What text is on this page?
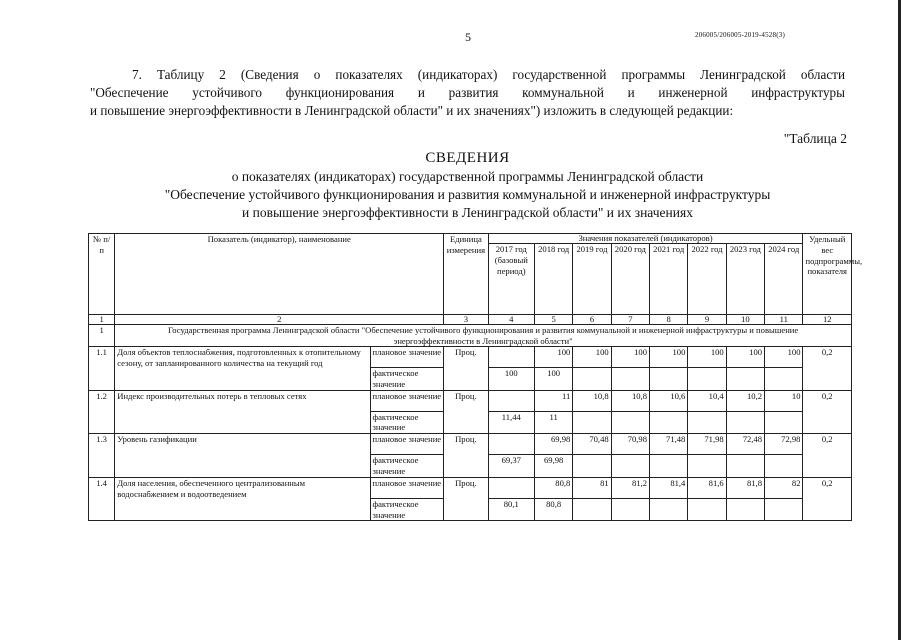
5	206005/206005-2019-4528(3)
7. Таблицу 2 (Сведения о показателях (индикаторах) государственной программы Ленинградской области
"Обеспечение устойчивого функционирования и развития коммунальной и инженерной инфраструктуры
и повышение энергоэффективности в Ленинградской области" и их значениях") изложить в следующей редакции:
"Таблица 2
СВЕДЕНИЯ
о показателях (индикаторах) государственной программы Ленинградской области
"Обеспечение устойчивого функционирования и развития коммунальной и инженерной инфраструктуры
и повышение энергоэффективности в Ленинградской области" и их значениях
№ п/п	Показатель (индикатор), наименование		Единица измерения	Значения показателей (индикаторов)								Удельный вес подпрограммы, показателя
				2017 год (базовый период)	2018 год	2019 год	2020 год	2021 год	2022 год	2023 год	2024 год	
1	2		3	4	5	6	7	8	9	10	11	12
1	Государственная программа Ленинградской области "Обеспечение устойчивого функционирования и развития коммунальной и инженерной инфраструктуры и повышение энергоэффективности в Ленинградской области"											
1.1	Доля объектов теплоснабжения, подготовленных к отопительному сезону, от запланированного количества на текущий год	плановое значение	Проц.		100	100	100	100	100	100	100	0,2
		фактическое значение		100	100							
1.2	Индекс производительных потерь в тепловых сетях	плановое значение	Проц.		11	10,8	10,8	10,6	10,4	10,2	10	0,2
		фактическое значение		11,44	11							
1.3	Уровень газификации	плановое значение	Проц.		69,98	70,48	70,98	71,48	71,98	72,48	72,98	0,2
		фактическое значение		69,37	69,98							
1.4	Доля населения, обеспеченного централизованным водоснабжением и водоотведением	плановое значение	Проц.		80,8	81	81,2	81,4	81,6	81,8	82	0,2
		фактическое значение		80,1	80,8							
